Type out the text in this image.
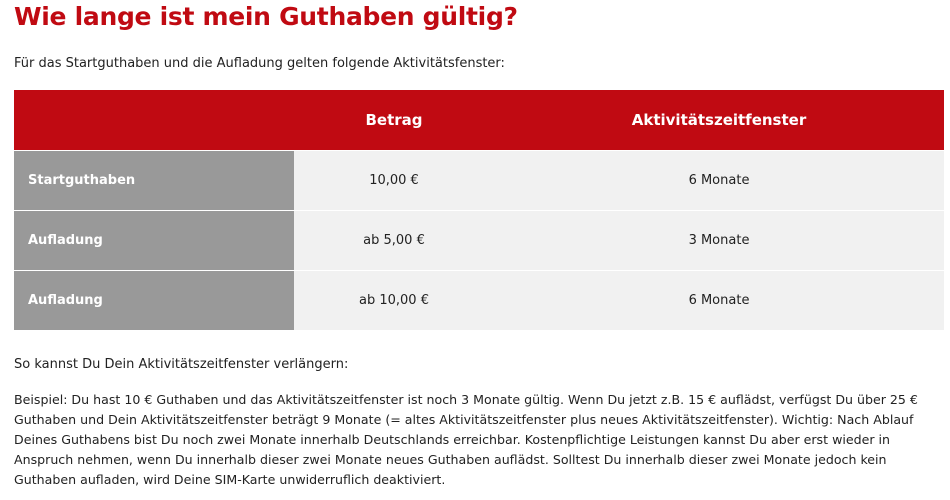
Wie lange ist mein Guthaben gültig?

Für das Startguthaben und die Aufladung gelten folgende Aktivitätsfenster:

	Betrag	Aktivitätszeitfenster
Startguthaben	10,00 €	6 Monate
Aufladung	ab 5,00 €	3 Monate
Aufladung	ab 10,00 €	6 Monate

So kannst Du Dein Aktivitätszeitfenster verlängern:

Beispiel: Du hast 10 € Guthaben und das Aktivitätszeitfenster ist noch 3 Monate gültig. Wenn Du jetzt z.B. 15 € auflädst, verfügst Du über 25 € Guthaben und Dein Aktivitätszeitfenster beträgt 9 Monate (= altes Aktivitätszeitfenster plus neues Aktivitätszeitfenster). Wichtig: Nach Ablauf Deines Guthabens bist Du noch zwei Monate innerhalb Deutschlands erreichbar. Kostenpflichtige Leistungen kannst Du aber erst wieder in Anspruch nehmen, wenn Du innerhalb dieser zwei Monate neues Guthaben auflädst. Solltest Du innerhalb dieser zwei Monate jedoch kein Guthaben aufladen, wird Deine SIM-Karte unwiderruflich deaktiviert.
